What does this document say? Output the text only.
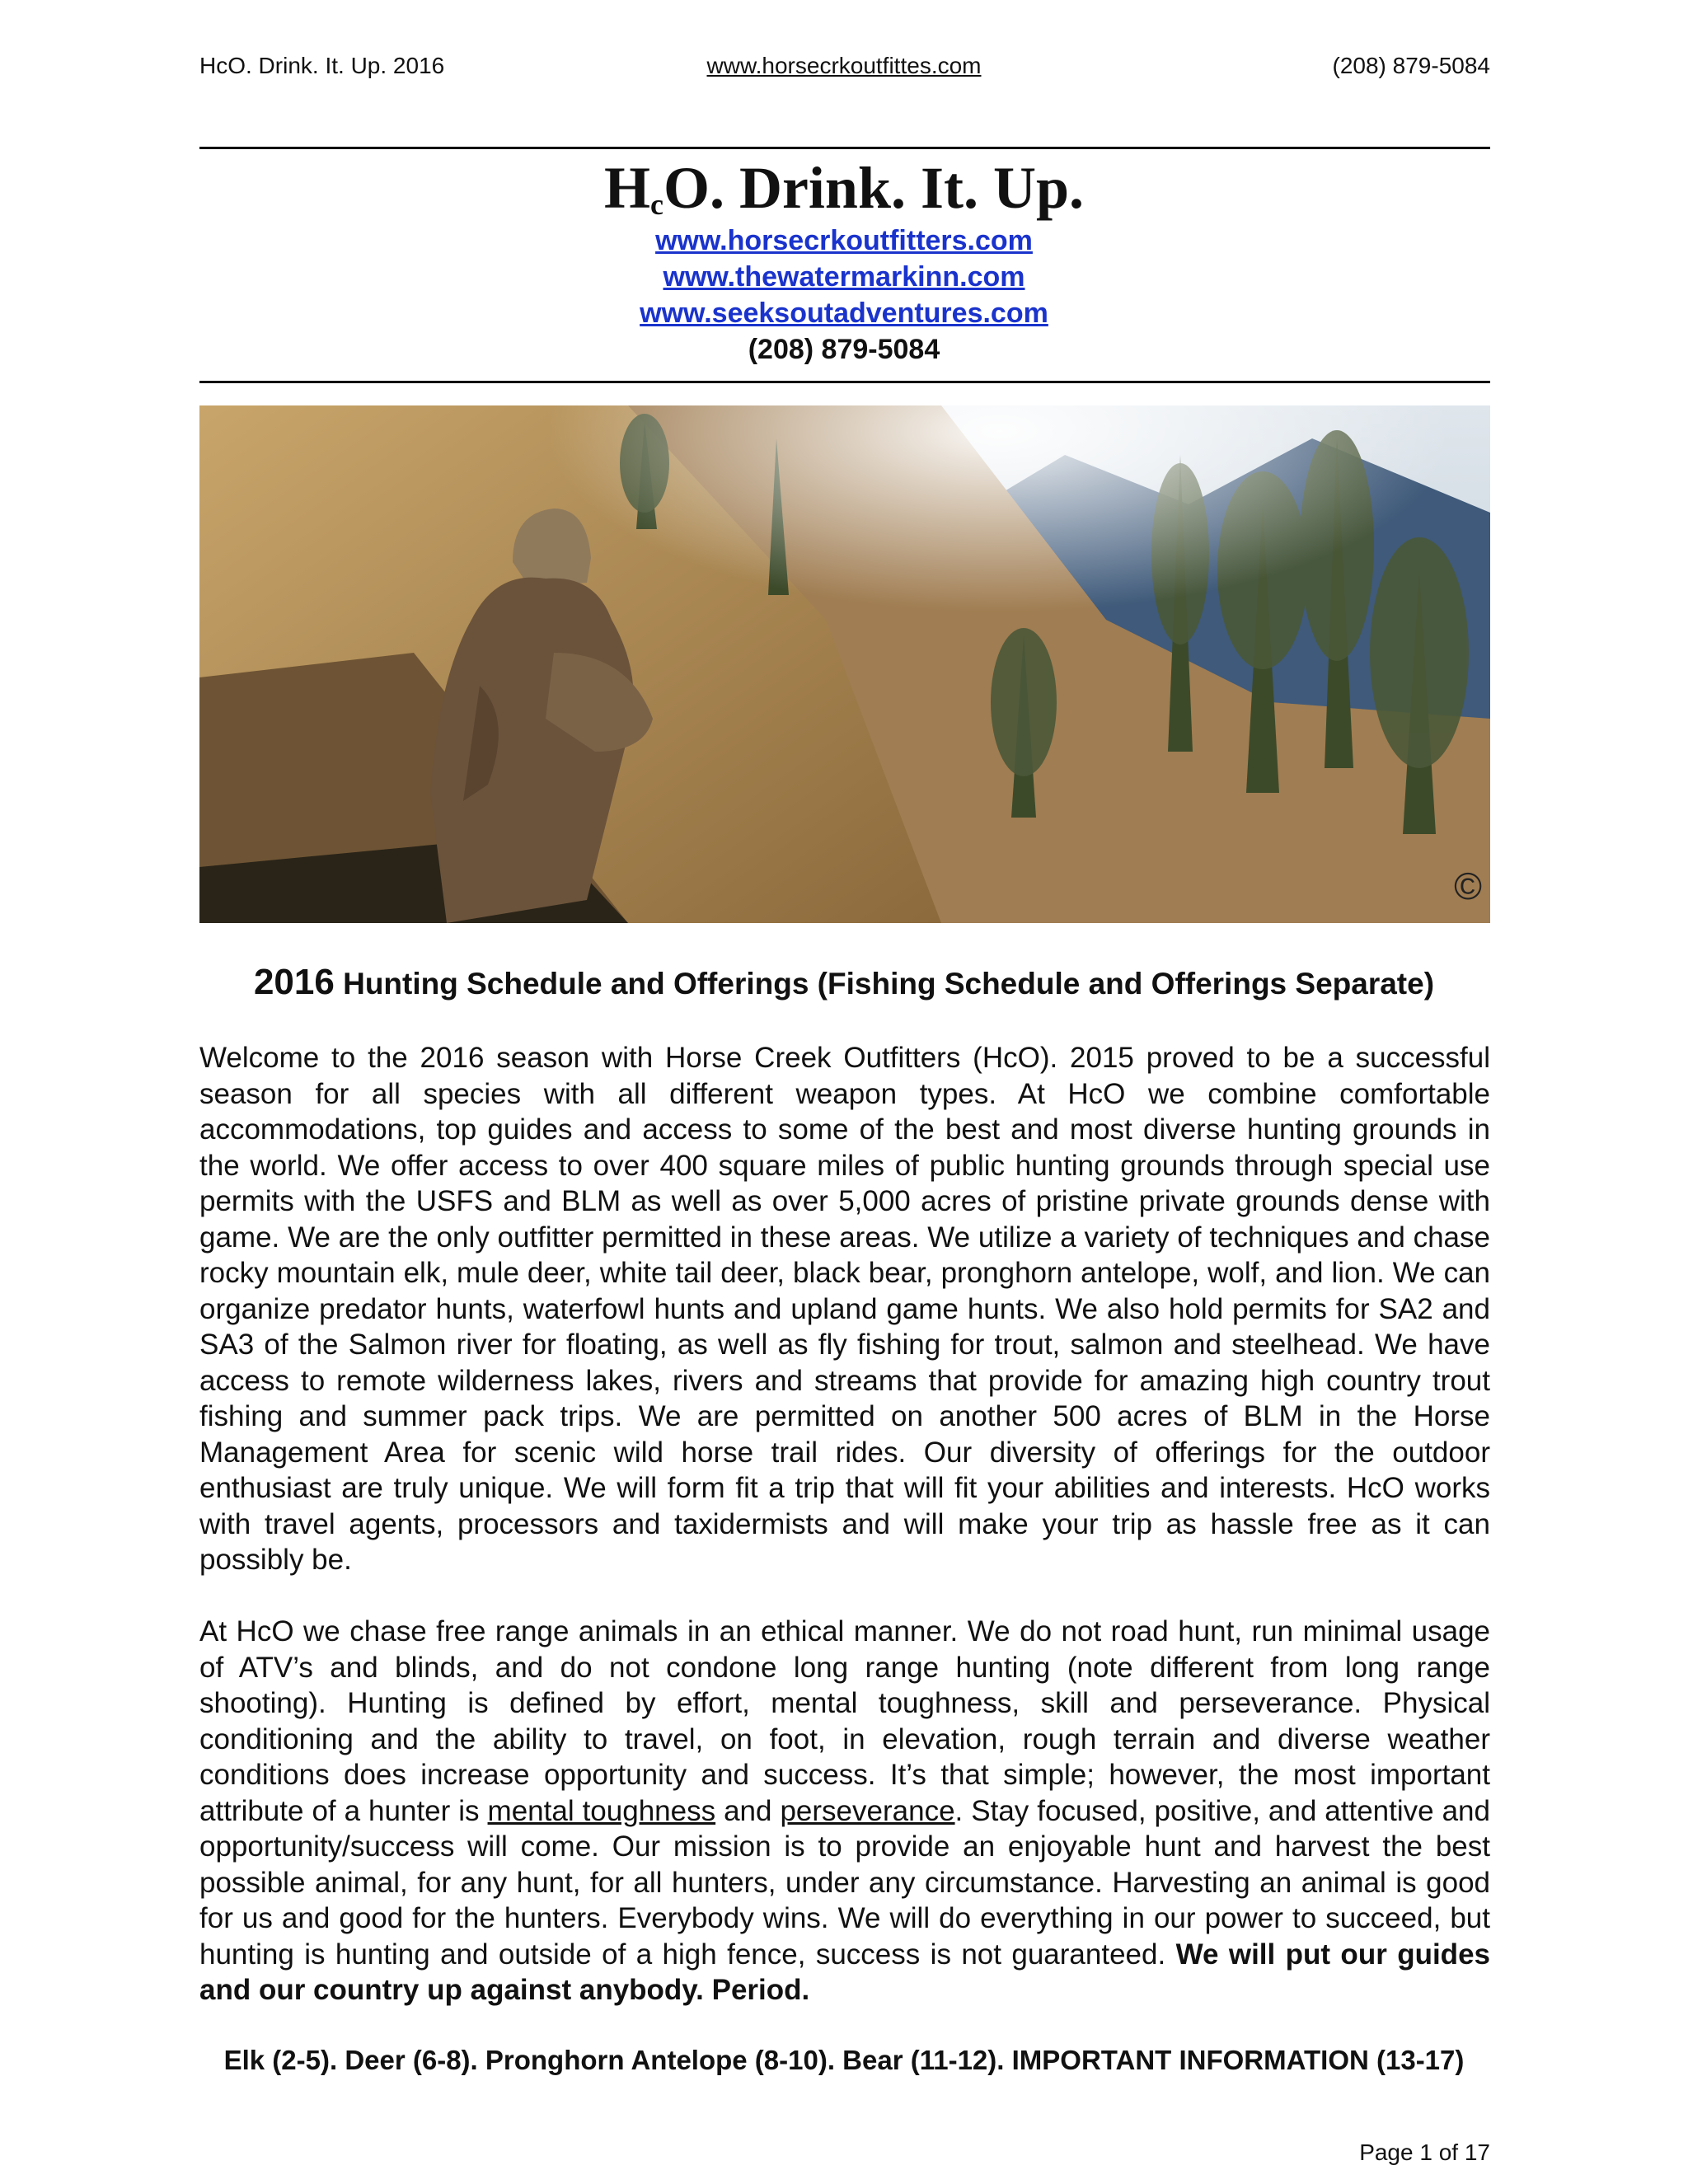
HcO. Drink. It. Up. 2016	www.horsecrkoutfittes.com	(208) 879-5084
$H_cO$. Drink. It. Up.
www.horsecrkoutfitters.com
www.thewatermarkinn.com
www.seeksoutadventures.com
(208) 879-5084
©
2016 Hunting Schedule and Offerings (Fishing Schedule and Offerings Separate)

Welcome to the 2016 season with Horse Creek Outfitters (HcO). 2015 proved to be a successful season for all species with all different weapon types. At HcO we combine comfortable accommodations, top guides and access to some of the best and most diverse hunting grounds in the world. We offer access to over 400 square miles of public hunting grounds through special use permits with the USFS and BLM as well as over 5,000 acres of pristine private grounds dense with game. We are the only outfitter permitted in these areas. We utilize a variety of techniques and chase rocky mountain elk, mule deer, white tail deer, black bear, pronghorn antelope, wolf, and lion. We can organize predator hunts, waterfowl hunts and upland game hunts. We also hold permits for SA2 and SA3 of the Salmon river for floating, as well as fly fishing for trout, salmon and steelhead. We have access to remote wilderness lakes, rivers and streams that provide for amazing high country trout fishing and summer pack trips. We are permitted on another 500 acres of BLM in the Horse Management Area for scenic wild horse trail rides. Our diversity of offerings for the outdoor enthusiast are truly unique. We will form fit a trip that will fit your abilities and interests. HcO works with travel agents, processors and taxidermists and will make your trip as hassle free as it can possibly be.

At HcO we chase free range animals in an ethical manner. We do not road hunt, run minimal usage of ATV’s and blinds, and do not condone long range hunting (note different from long range shooting). Hunting is defined by effort, mental toughness, skill and perseverance. Physical conditioning and the ability to travel, on foot, in elevation, rough terrain and diverse weather conditions does increase opportunity and success. It’s that simple; however, the most important attribute of a hunter is mental toughness and perseverance. Stay focused, positive, and attentive and opportunity/success will come. Our mission is to provide an enjoyable hunt and harvest the best possible animal, for any hunt, for all hunters, under any circumstance. Harvesting an animal is good for us and good for the hunters. Everybody wins. We will do everything in our power to succeed, but hunting is hunting and outside of a high fence, success is not guaranteed. We will put our guides and our country up against anybody. Period.

Elk (2-5). Deer (6-8). Pronghorn Antelope (8-10). Bear (11-12). IMPORTANT INFORMATION (13-17)
Page 1 of 17
